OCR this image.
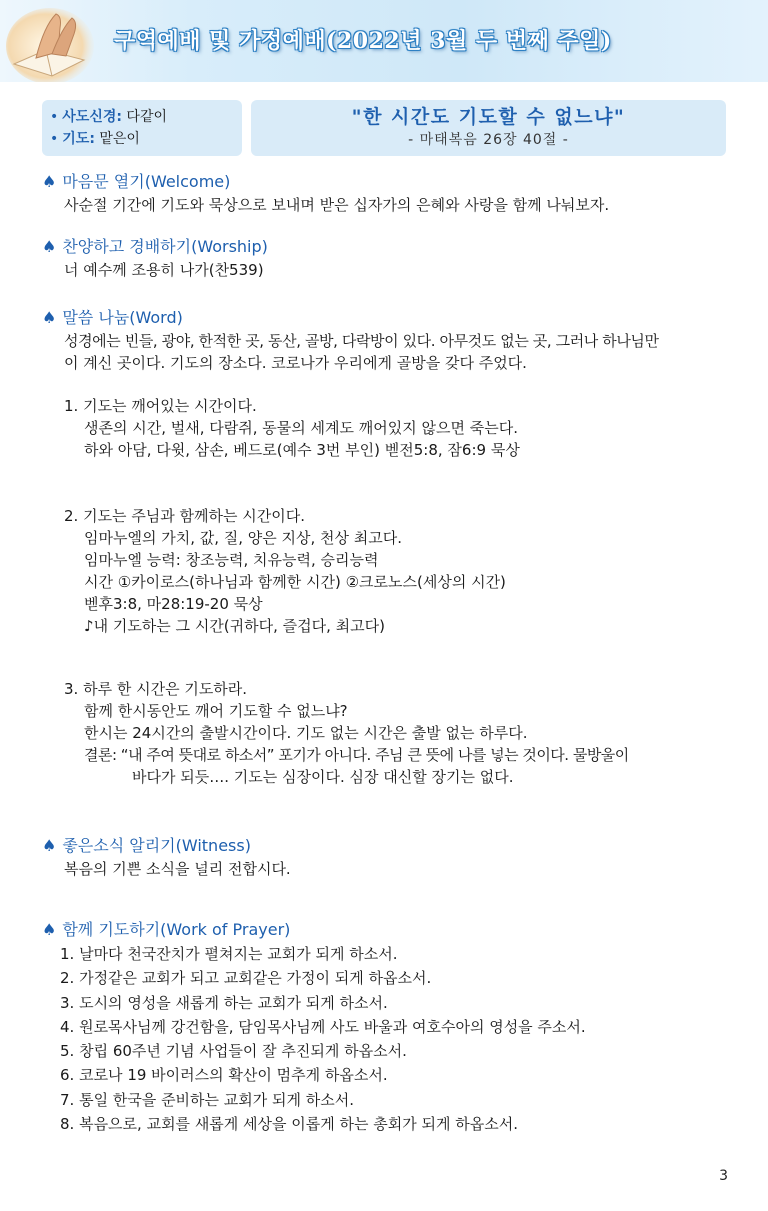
구역예배 및 가정예배(2022년 3월 두 번째 주일)
• 사도신경: 다같이
• 기도: 맡은이
"한 시간도 기도할 수 없느냐"
- 마태복음 26장 40절 -
♠ 마음문 열기(Welcome)
사순절 기간에 기도와 묵상으로 보내며 받은 십자가의 은혜와 사랑을 함께 나눠보자.
♠ 찬양하고 경배하기(Worship)
너 예수께 조용히 나가(찬539)
♠ 말씀 나눔(Word)
성경에는 빈들, 광야, 한적한 곳, 동산, 골방, 다락방이 있다. 아무것도 없는 곳, 그러나 하나님만
이 계신 곳이다. 기도의 장소다. 코로나가 우리에게 골방을 갖다 주었다.
1. 기도는 깨어있는 시간이다.
생존의 시간, 벌새, 다람쥐, 동물의 세계도 깨어있지 않으면 죽는다.
하와 아담, 다윗, 삼손, 베드로(예수 3번 부인) 벧전5:8, 잠6:9 묵상
2. 기도는 주님과 함께하는 시간이다.
임마누엘의 가치, 값, 질, 양은 지상, 천상 최고다.
임마누엘 능력: 창조능력, 치유능력, 승리능력
시간 ①카이로스(하나님과 함께한 시간) ②크로노스(세상의 시간)
벧후3:8, 마28:19-20 묵상
♪내 기도하는 그 시간(귀하다, 즐겁다, 최고다)
3. 하루 한 시간은 기도하라.
함께 한시동안도 깨어 기도할 수 없느냐?
한시는 24시간의 출발시간이다. 기도 없는 시간은 출발 없는 하루다.
결론: “내 주여 뜻대로 하소서” 포기가 아니다. 주님 큰 뜻에 나를 넣는 것이다. 물방울이
바다가 되듯…. 기도는 심장이다. 심장 대신할 장기는 없다.
♠ 좋은소식 알리기(Witness)
복음의 기쁜 소식을 널리 전합시다.
♠ 함께 기도하기(Work of Prayer)
1. 날마다 천국잔치가 펼쳐지는 교회가 되게 하소서.
2. 가정같은 교회가 되고 교회같은 가정이 되게 하옵소서.
3. 도시의 영성을 새롭게 하는 교회가 되게 하소서.
4. 원로목사님께 강건함을, 담임목사님께 사도 바울과 여호수아의 영성을 주소서.
5. 창립 60주년 기념 사업들이 잘 추진되게 하옵소서.
6. 코로나 19 바이러스의 확산이 멈추게 하옵소서.
7. 통일 한국을 준비하는 교회가 되게 하소서.
8. 복음으로, 교회를 새롭게 세상을 이롭게 하는 총회가 되게 하옵소서.
3
